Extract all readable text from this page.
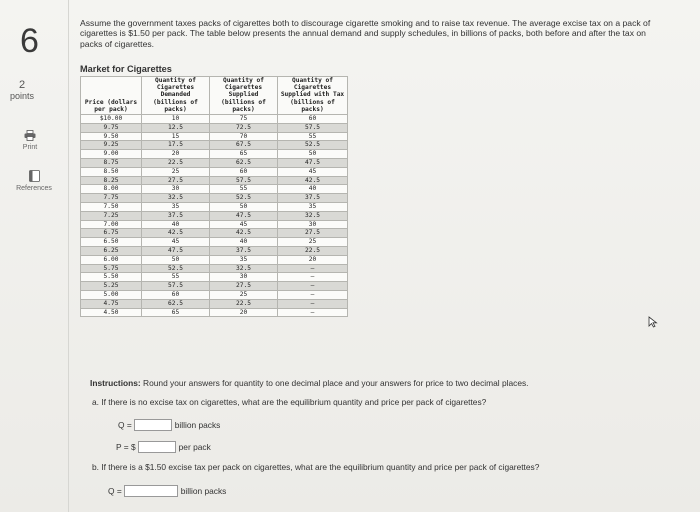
6
2
points
Print
References
Assume the government taxes packs of cigarettes both to discourage cigarette smoking and to raise tax revenue. The average excise tax on a pack of cigarettes is $1.50 per pack. The table below presents the annual demand and supply schedules, in billions of packs, both before and after the tax on packs of cigarettes.
Market for Cigarettes
Price (dollars per pack)	Quantity of Cigarettes Demanded (billions of packs)	Quantity of Cigarettes Supplied (billions of packs)	Quantity of Cigarettes Supplied with Tax (billions of packs)
$10.00	10	75	60
9.75	12.5	72.5	57.5
9.50	15	70	55
9.25	17.5	67.5	52.5
9.00	20	65	50
8.75	22.5	62.5	47.5
8.50	25	60	45
8.25	27.5	57.5	42.5
8.00	30	55	40
7.75	32.5	52.5	37.5
7.50	35	50	35
7.25	37.5	47.5	32.5
7.00	40	45	30
6.75	42.5	42.5	27.5
6.50	45	40	25
6.25	47.5	37.5	22.5
6.00	50	35	20
5.75	52.5	32.5	—
5.50	55	30	—
5.25	57.5	27.5	—
5.00	60	25	—
4.75	62.5	22.5	—
4.50	65	20	—
Instructions: Round your answers for quantity to one decimal place and your answers for price to two decimal places.
a. If there is no excise tax on cigarettes, what are the equilibrium quantity and price per pack of cigarettes?
Q =	billion packs
P = $	per pack
b. If there is a $1.50 excise tax per pack on cigarettes, what are the equilibrium quantity and price per pack of cigarettes?
Q =	billion packs
